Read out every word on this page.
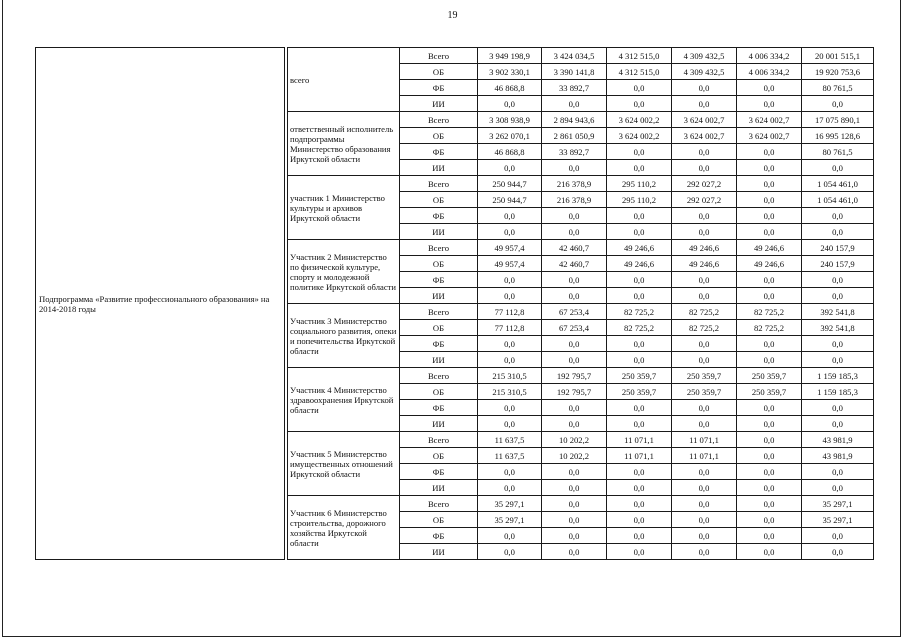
19
Подпрограмма «Развитие профессионального образования» на 2014-2018 годы		всего	Всего	3 949 198,9	3 424 034,5	4 312 515,0	4 309 432,5	4 006 334,2	20 001 515,1
			ОБ	3 902 330,1	3 390 141,8	4 312 515,0	4 309 432,5	4 006 334,2	19 920 753,6
			ФБ	46 868,8	33 892,7	0,0	0,0	0,0	80 761,5
			ИИ	0,0	0,0	0,0	0,0	0,0	0,0
		ответственный исполнитель подпрограммы Министерство образования Иркутской области	Всего	3 308 938,9	2 894 943,6	3 624 002,2	3 624 002,7	3 624 002,7	17 075 890,1
			ОБ	3 262 070,1	2 861 050,9	3 624 002,2	3 624 002,7	3 624 002,7	16 995 128,6
			ФБ	46 868,8	33 892,7	0,0	0,0	0,0	80 761,5
			ИИ	0,0	0,0	0,0	0,0	0,0	0,0
		участник 1 Министерство культуры и архивов Иркутской области	Всего	250 944,7	216 378,9	295 110,2	292 027,2	0,0	1 054 461,0
			ОБ	250 944,7	216 378,9	295 110,2	292 027,2	0,0	1 054 461,0
			ФБ	0,0	0,0	0,0	0,0	0,0	0,0
			ИИ	0,0	0,0	0,0	0,0	0,0	0,0
		Участник 2 Министерство по физической культуре, спорту и молодежной политике Иркутской области	Всего	49 957,4	42 460,7	49 246,6	49 246,6	49 246,6	240 157,9
			ОБ	49 957,4	42 460,7	49 246,6	49 246,6	49 246,6	240 157,9
			ФБ	0,0	0,0	0,0	0,0	0,0	0,0
			ИИ	0,0	0,0	0,0	0,0	0,0	0,0
		Участник 3 Министерство социального развития, опеки и попечительства Иркутской области	Всего	77 112,8	67 253,4	82 725,2	82 725,2	82 725,2	392 541,8
			ОБ	77 112,8	67 253,4	82 725,2	82 725,2	82 725,2	392 541,8
			ФБ	0,0	0,0	0,0	0,0	0,0	0,0
			ИИ	0,0	0,0	0,0	0,0	0,0	0,0
		Участник 4 Министерство здравоохранения Иркутской области	Всего	215 310,5	192 795,7	250 359,7	250 359,7	250 359,7	1 159 185,3
			ОБ	215 310,5	192 795,7	250 359,7	250 359,7	250 359,7	1 159 185,3
			ФБ	0,0	0,0	0,0	0,0	0,0	0,0
			ИИ	0,0	0,0	0,0	0,0	0,0	0,0
		Участник 5 Министерство имущественных отношений Иркутской области	Всего	11 637,5	10 202,2	11 071,1	11 071,1	0,0	43 981,9
			ОБ	11 637,5	10 202,2	11 071,1	11 071,1	0,0	43 981,9
			ФБ	0,0	0,0	0,0	0,0	0,0	0,0
			ИИ	0,0	0,0	0,0	0,0	0,0	0,0
		Участник 6 Министерство строительства, дорожного хозяйства Иркутской области	Всего	35 297,1	0,0	0,0	0,0	0,0	35 297,1
			ОБ	35 297,1	0,0	0,0	0,0	0,0	35 297,1
			ФБ	0,0	0,0	0,0	0,0	0,0	0,0
			ИИ	0,0	0,0	0,0	0,0	0,0	0,0
